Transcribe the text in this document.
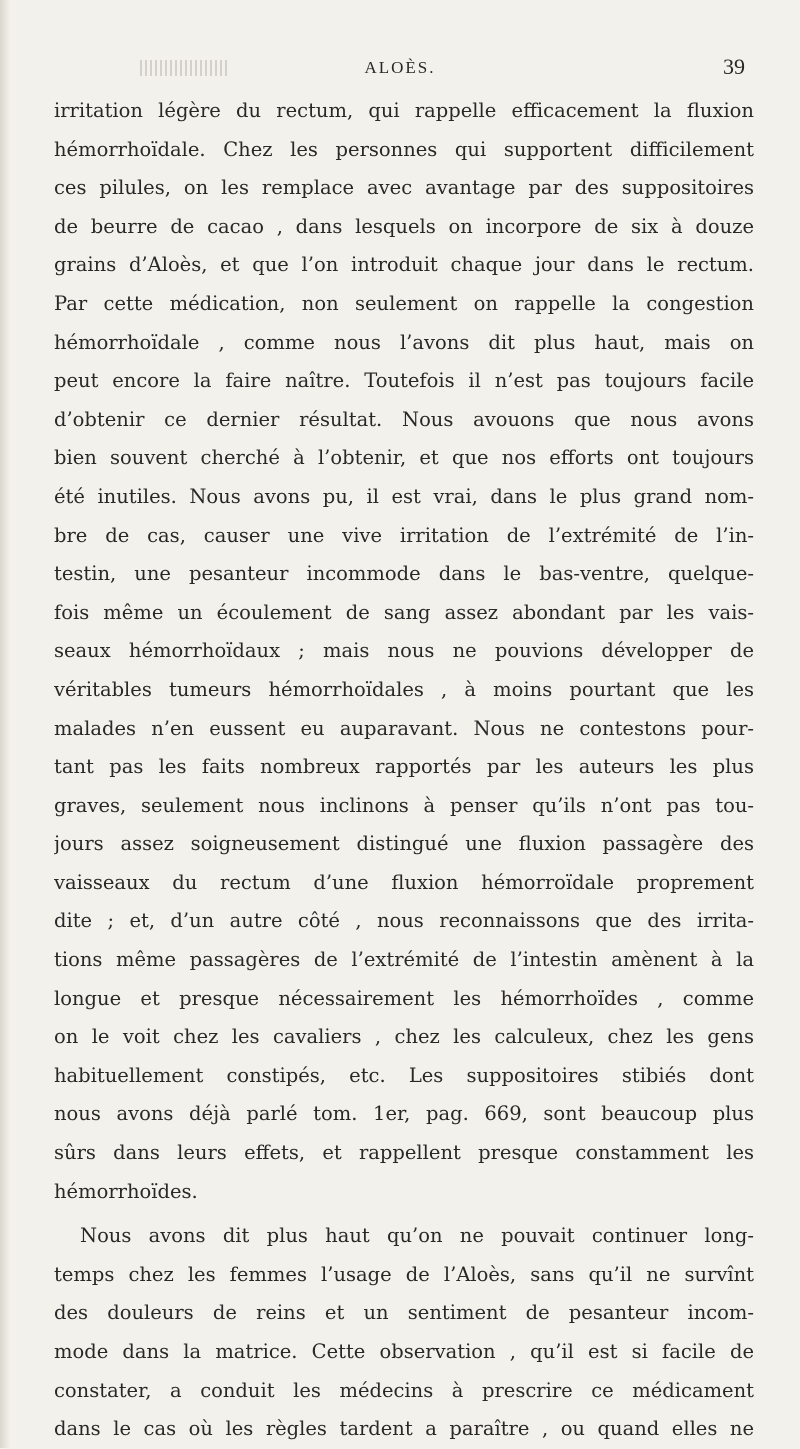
ALOÈS.	39
irritation légère du rectum, qui rappelle efficacement la fluxion
hémorrhoïdale. Chez les personnes qui supportent difficilement
ces pilules, on les remplace avec avantage par des suppositoires
de beurre de cacao , dans lesquels on incorpore de six à douze
grains d’Aloès, et que l’on introduit chaque jour dans le rectum.
Par cette médication, non seulement on rappelle la congestion
hémorrhoïdale , comme nous l’avons dit plus haut, mais on
peut encore la faire naître. Toutefois il n’est pas toujours facile
d’obtenir ce dernier résultat. Nous avouons que nous avons
bien souvent cherché à l’obtenir, et que nos efforts ont toujours
été inutiles. Nous avons pu, il est vrai, dans le plus grand nom-
bre de cas, causer une vive irritation de l’extrémité de l’in-
testin, une pesanteur incommode dans le bas-ventre, quelque-
fois même un écoulement de sang assez abondant par les vais-
seaux hémorrhoïdaux ; mais nous ne pouvions développer de
véritables tumeurs hémorrhoïdales , à moins pourtant que les
malades n’en eussent eu auparavant. Nous ne contestons pour-
tant pas les faits nombreux rapportés par les auteurs les plus
graves, seulement nous inclinons à penser qu’ils n’ont pas tou-
jours assez soigneusement distingué une fluxion passagère des
vaisseaux du rectum d’une fluxion hémorroïdale proprement
dite ; et, d’un autre côté , nous reconnaissons que des irrita-
tions même passagères de l’extrémité de l’intestin amènent à la
longue et presque nécessairement les hémorrhoïdes , comme
on le voit chez les cavaliers , chez les calculeux, chez les gens
habituellement constipés, etc. Les suppositoires stibiés dont
nous avons déjà parlé tom. 1er, pag. 669, sont beaucoup plus
sûrs dans leurs effets, et rappellent presque constamment les
hémorrhoïdes.
Nous avons dit plus haut qu’on ne pouvait continuer long-
temps chez les femmes l’usage de l’Aloès, sans qu’il ne survînt
des douleurs de reins et un sentiment de pesanteur incom-
mode dans la matrice. Cette observation , qu’il est si facile de
constater, a conduit les médecins à prescrire ce médicament
dans le cas où les règles tardent a paraître , ou quand elles ne
